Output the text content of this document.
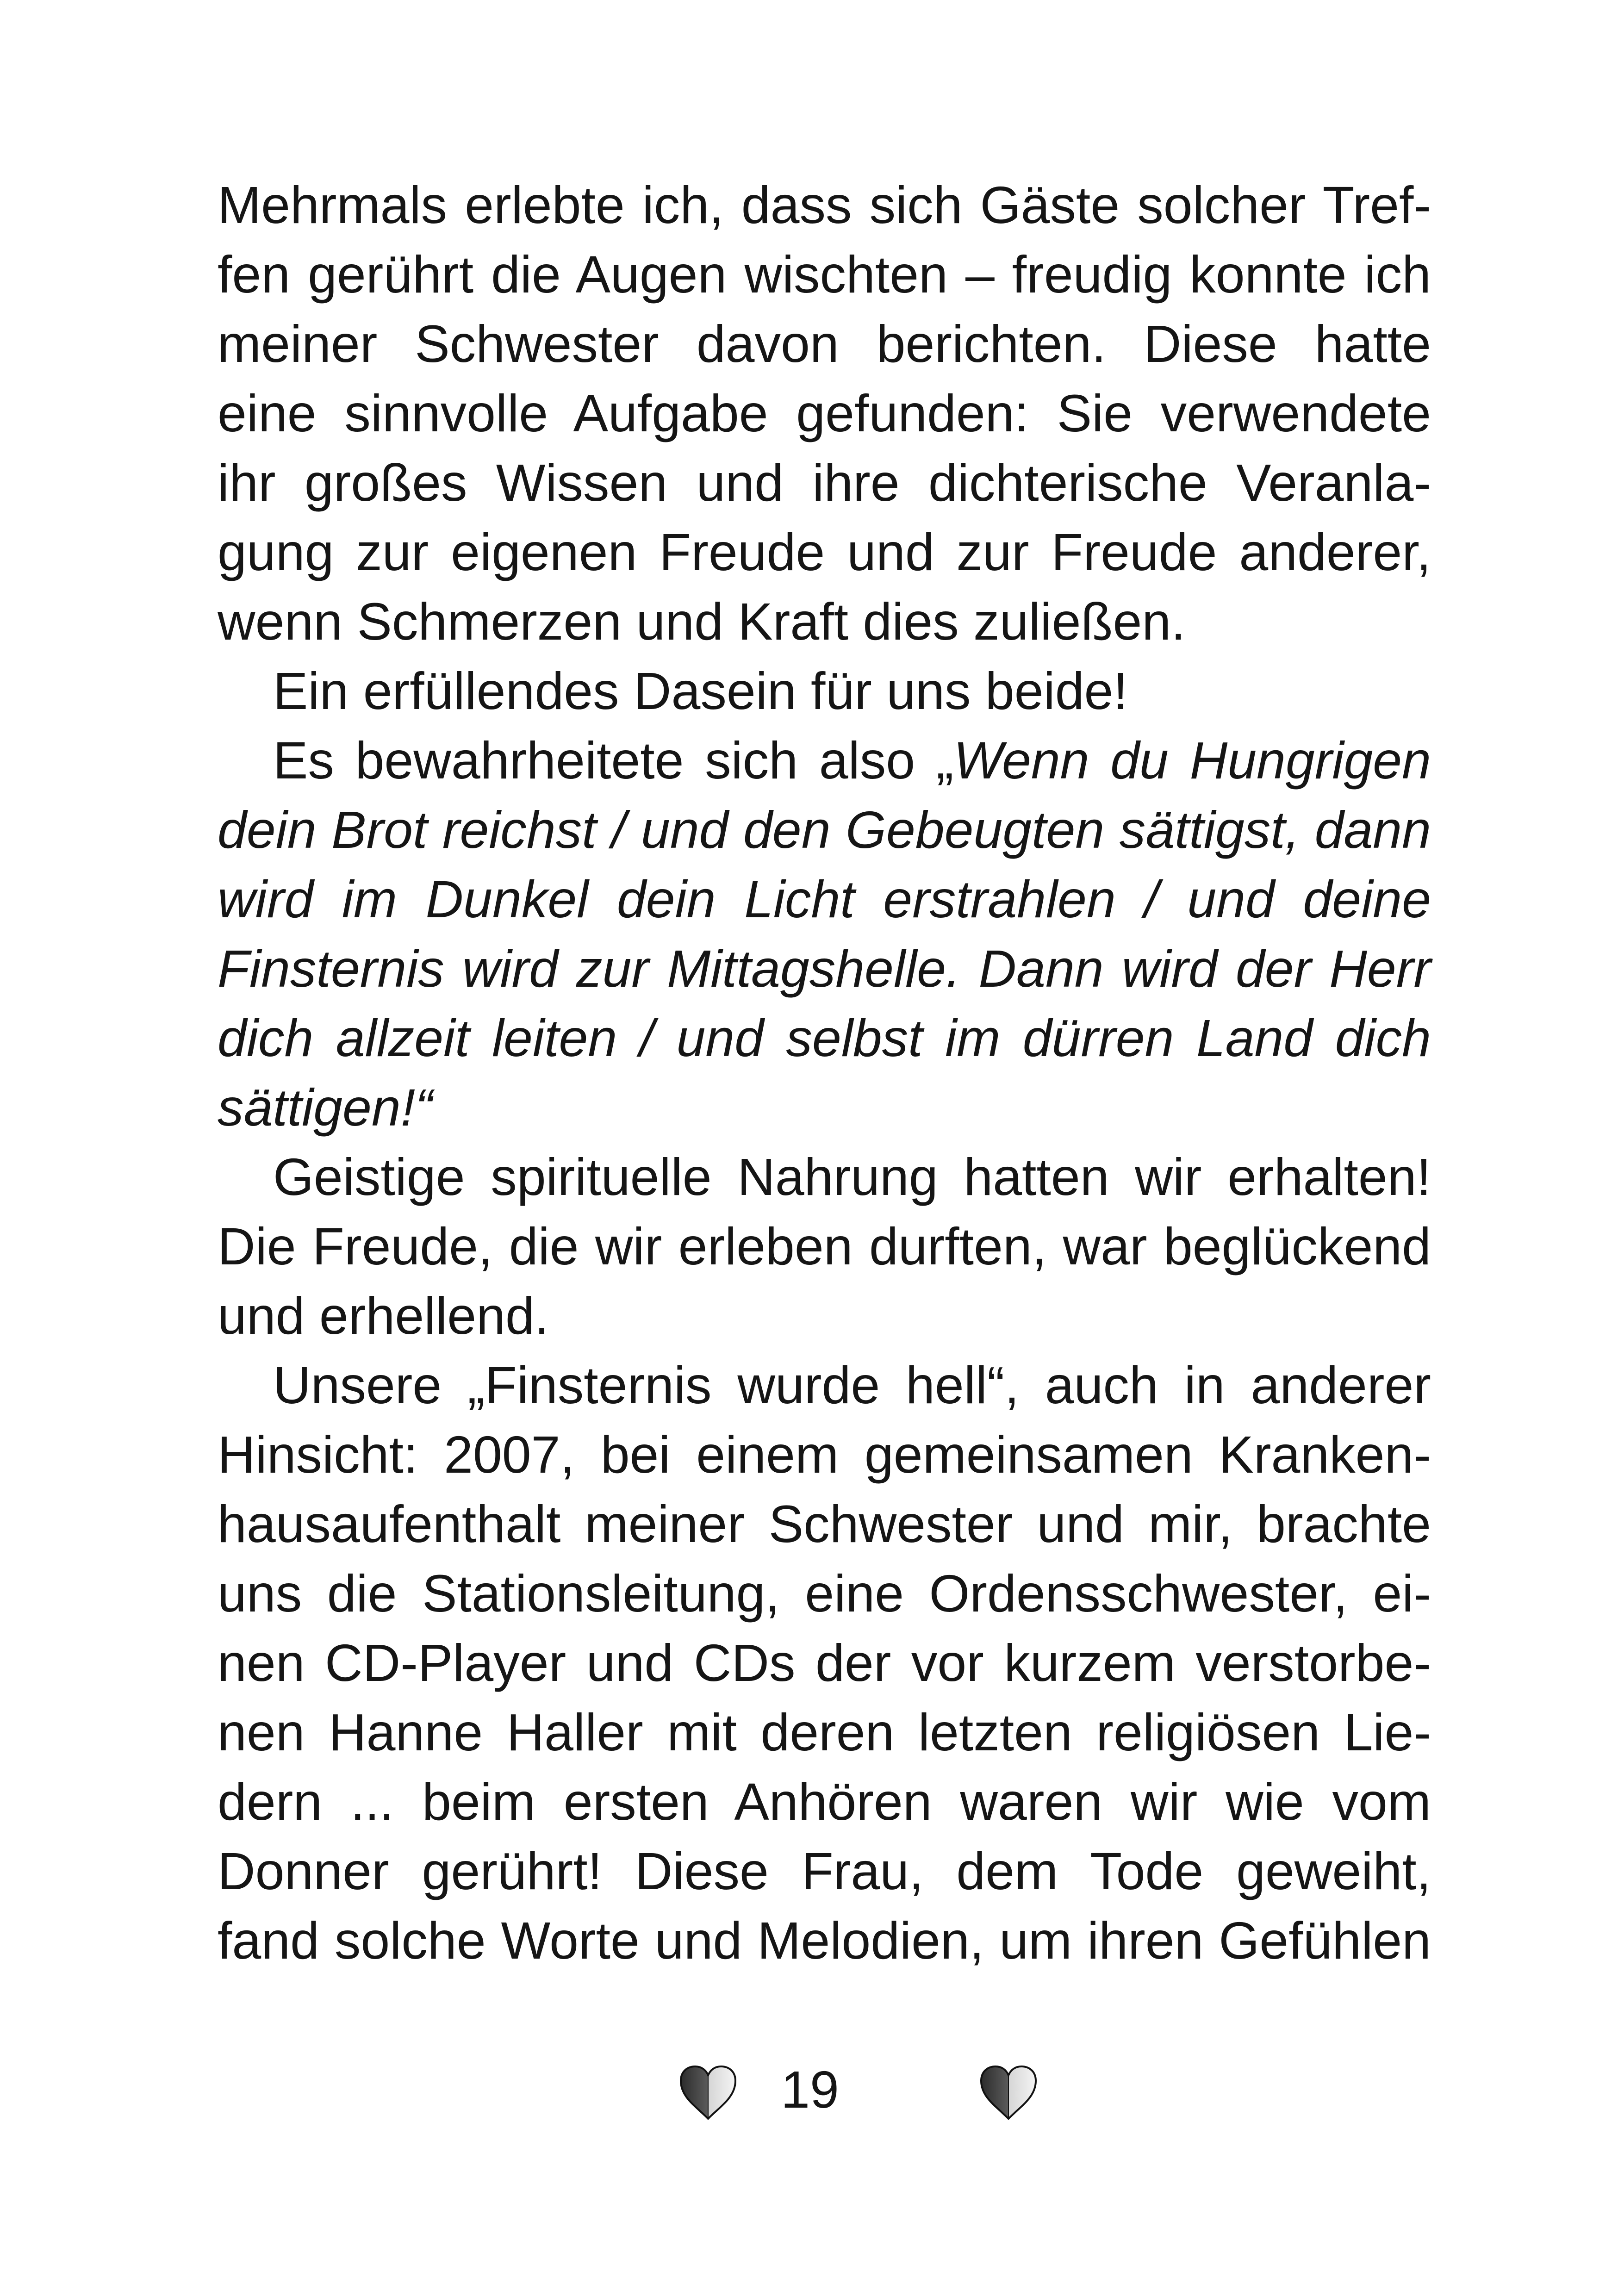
Mehrmals erlebte ich, dass sich Gäste solcher Tref-
fen gerührt die Augen wischten – freudig konnte ich
meiner Schwester davon berichten. Diese hatte
eine sinnvolle Aufgabe gefunden: Sie verwendete
ihr großes Wissen und ihre dichterische Veranla-
gung zur eigenen Freude und zur Freude anderer,
wenn Schmerzen und Kraft dies zuließen.
Ein erfüllendes Dasein für uns beide!
Es bewahrheitete sich also „Wenn du Hungrigen
dein Brot reichst / und den Gebeugten sättigst, dann
wird im Dunkel dein Licht erstrahlen / und deine
Finsternis wird zur Mittagshelle. Dann wird der Herr
dich allzeit leiten / und selbst im dürren Land dich
sättigen!“
Geistige spirituelle Nahrung hatten wir erhalten!
Die Freude, die wir erleben durften, war beglückend
und erhellend.
Unsere „Finsternis wurde hell“, auch in anderer
Hinsicht: 2007, bei einem gemeinsamen Kranken-
hausaufenthalt meiner Schwester und mir, brachte
uns die Stationsleitung, eine Ordensschwester, ei-
nen CD-Player und CDs der vor kurzem verstorbe-
nen Hanne Haller mit deren letzten religiösen Lie-
dern ... beim ersten Anhören waren wir wie vom
Donner gerührt! Diese Frau, dem Tode geweiht,
fand solche Worte und Melodien, um ihren Gefühlen
19
